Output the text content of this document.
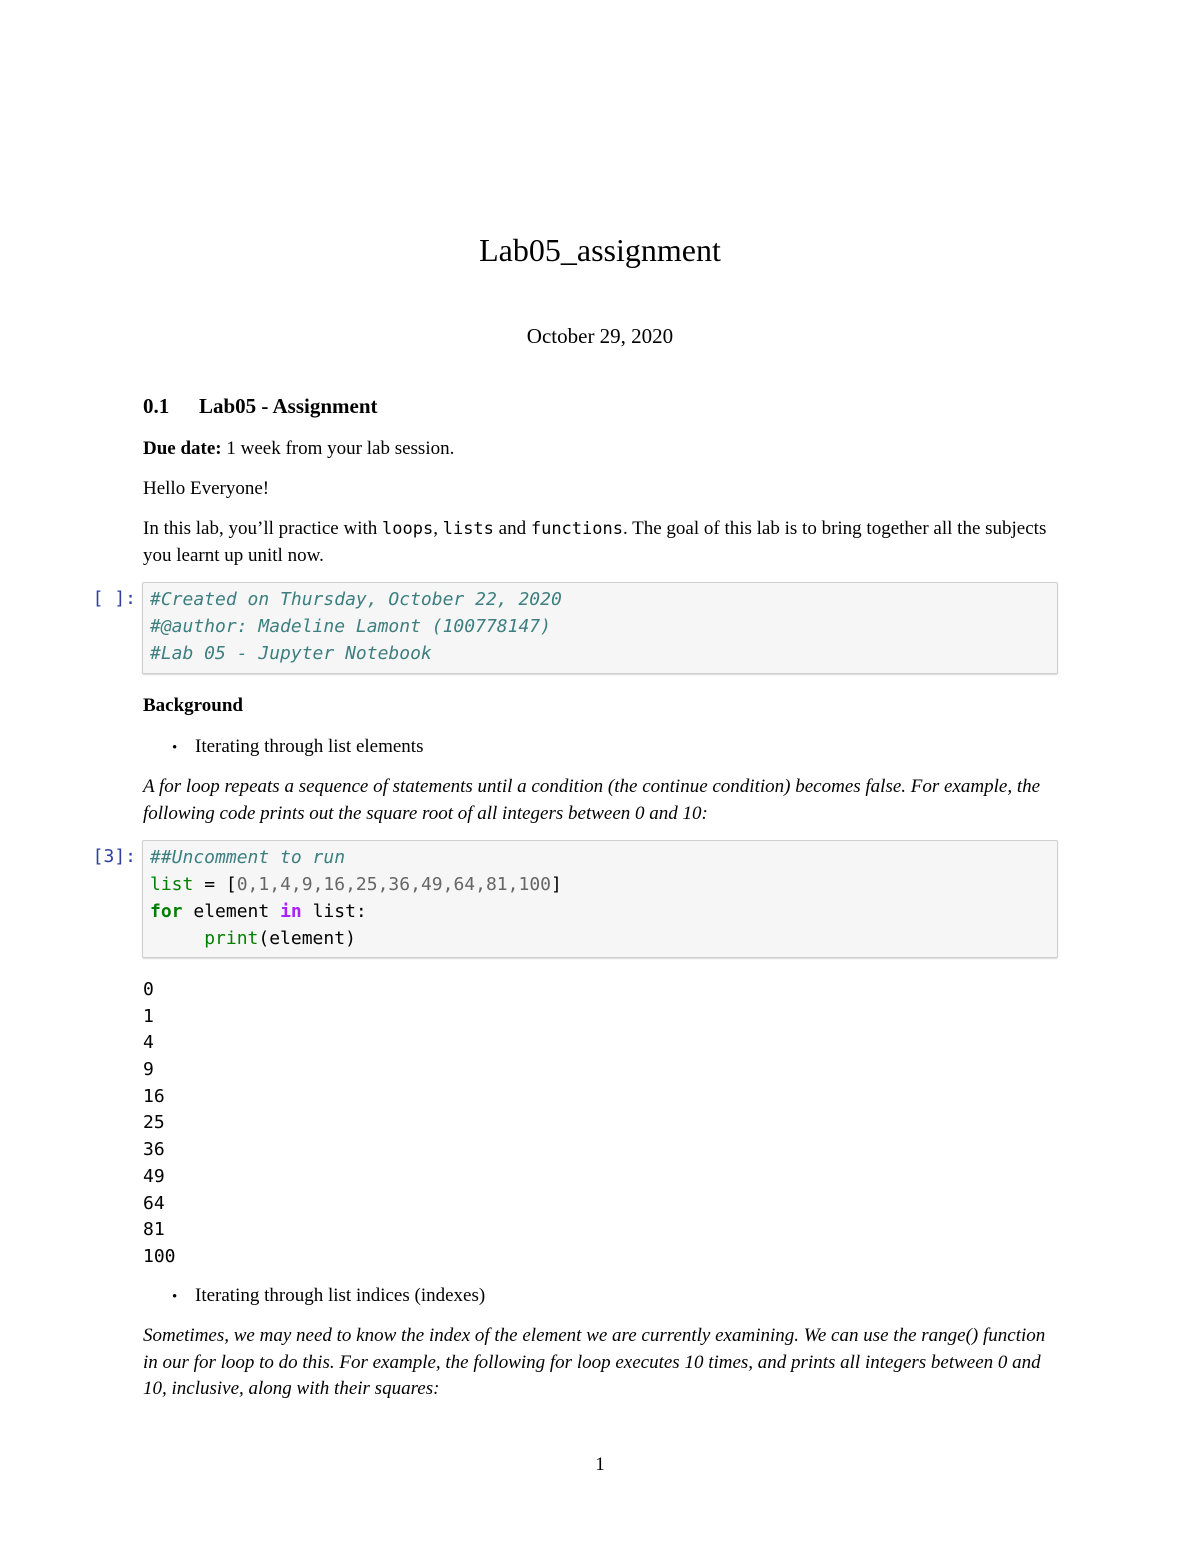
Lab05_assignment
October 29, 2020
0.1 Lab05 - Assignment
Due date: 1 week from your lab session.
Hello Everyone!
In this lab, you’ll practice with loops, lists and functions. The goal of this lab is to bring together all the subjects you learnt up unitl now.
[ ]: #Created on Thursday, October 22, 2020
#@author: Madeline Lamont (100778147)
#Lab 05 - Jupyter Notebook
Background
• Iterating through list elements
A for loop repeats a sequence of statements until a condition (the continue condition) becomes false. For example, the following code prints out the square root of all integers between 0 and 10:
[3]: ##Uncomment to run
list = [0,1,4,9,16,25,36,49,64,81,100]
for element in list:
print(element)
0
1
4
9
16
25
36
49
64
81
100
• Iterating through list indices (indexes)
Sometimes, we may need to know the index of the element we are currently examining. We can use the range() function in our for loop to do this. For example, the following for loop executes 10 times, and prints all integers between 0 and 10, inclusive, along with their squares:
1
